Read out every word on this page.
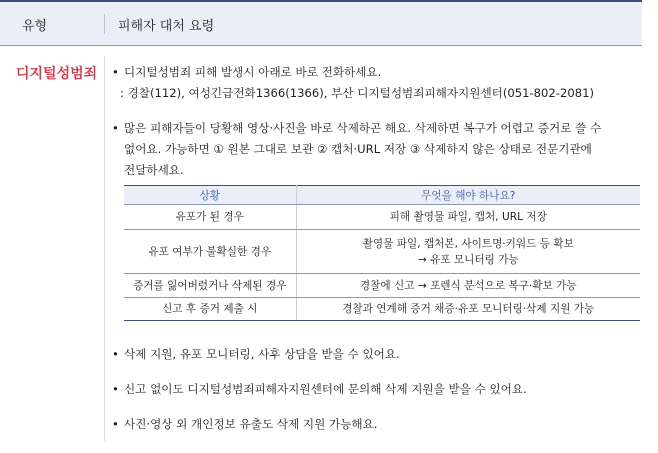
유형	피해자 대처 요령
디지털성범죄 • 디지털성범죄 피해 발생시 아래로 바로 전화하세요.
: 경찰(112), 여성긴급전화1366(1366), 부산 디지털성범죄피해자지원센터(051-802-2081)
• 많은 피해자들이 당황해 영상·사진을 바로 삭제하곤 해요. 삭제하면 복구가 어렵고 증거로 쓸 수
없어요. 가능하면 ① 원본 그대로 보관 ② 캡처·URL 저장 ③ 삭제하지 않은 상태로 전문기관에
전달하세요.
상황	무엇을 해야 하나요?
유포가 된 경우	피해 촬영물 파일, 캡처, URL 저장

유포 여부가 불확실한 경우	촬영물 파일, 캡처본, 사이트명·키워드 등 확보
→ 유포 모니터링 가능

증거를 잃어버렸거나 삭제된 경우	경찰에 신고 → 포렌식 분석으로 복구·확보 가능

신고 후 증거 제출 시	경찰과 연계해 증거 채증·유포 모니터링·삭제 지원 가능
• 삭제 지원, 유포 모니터링, 사후 상담을 받을 수 있어요.
• 신고 없이도 디지털성범죄피해자지원센터에 문의해 삭제 지원을 받을 수 있어요.
• 사진·영상 외 개인정보 유출도 삭제 지원 가능해요.
